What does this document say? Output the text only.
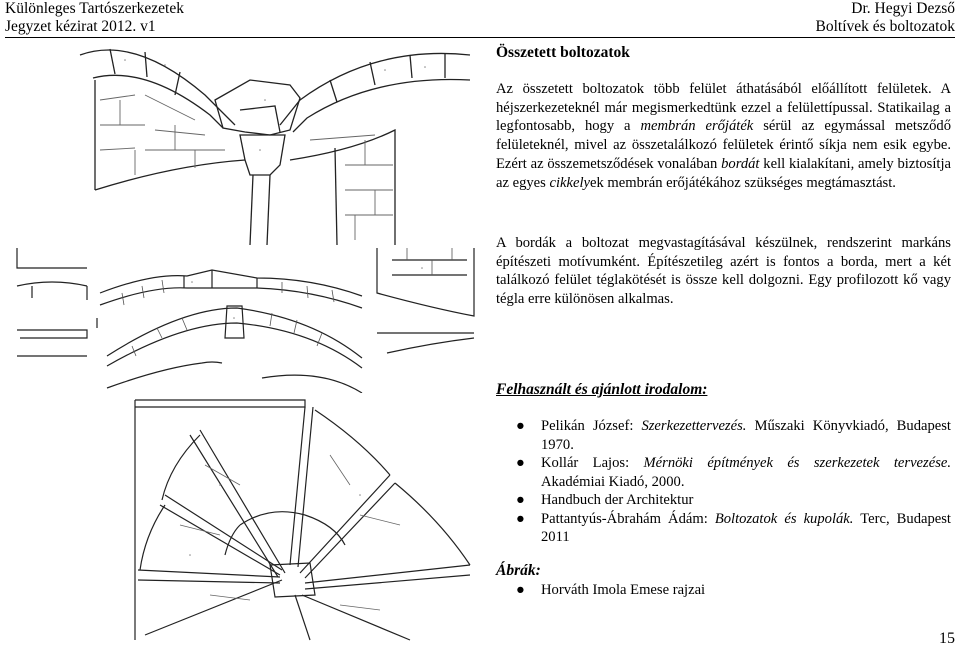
Különleges Tartószerkezetek
Jegyzet kézirat 2012. v1
Dr. Hegyi Dezső
Boltívek és boltozatok
Összetett boltozatok

Az összetett boltozatok több felület áthatásából előállított felületek. A héjszerkezeteknél már megismerkedtünk ezzel a felülettípussal. Statikailag a legfontosabb, hogy a membrán erőjáték sérül az egymással metsződő felületeknél, mivel az összetalálkozó felületek érintő síkja nem esik egybe. Ezért az összemetsződések vonalában bordát kell kialakítani, amely biztosítja az egyes cikkelyek membrán erőjátékához szükséges megtámasztást.

A bordák a boltozat megvastagításával készülnek, rendszerint markáns építészeti motívumként. Építészetileg azért is fontos a borda, mert a két találkozó felület téglakötését is össze kell dolgozni. Egy profilozott kő vagy tégla erre különösen alkalmas.

Felhasznált és ajánlott irodalom:
● Pelikán József: Szerkezettervezés. Műszaki Könyvkiadó, Budapest 1970.
● Kollár Lajos: Mérnöki építmények és szerkezetek tervezése. Akadémiai Kiadó, 2000.
● Handbuch der Architektur
● Pattantyús-Ábrahám Ádám: Boltozatok és kupolák. Terc, Budapest 2011
Ábrák:
● Horváth Imola Emese rajzai
15
